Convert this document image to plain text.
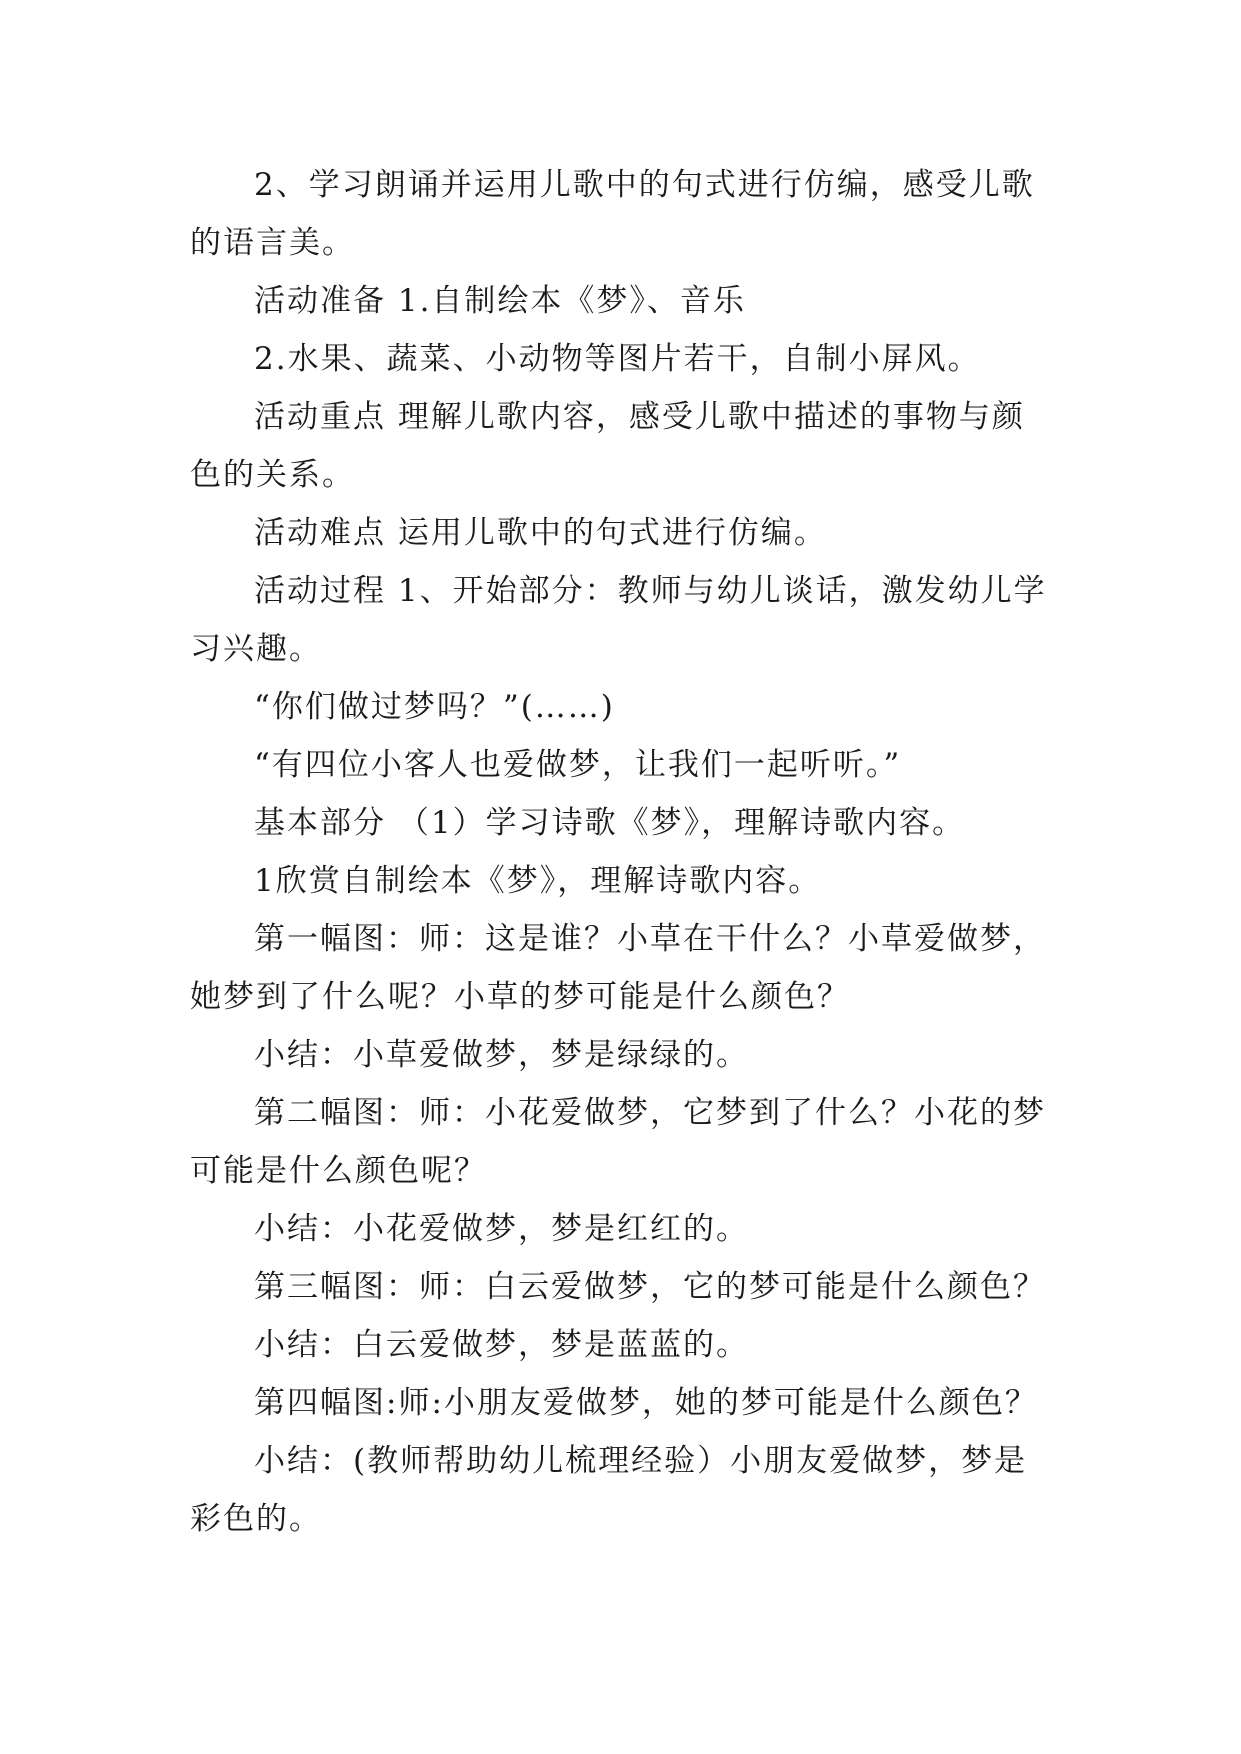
2、学习朗诵并运用儿歌中的句式进行仿编，感受儿歌的语言美。

活动准备 1.自制绘本《梦》、音乐

2.水果、蔬菜、小动物等图片若干，自制小屏风。

活动重点 理解儿歌内容，感受儿歌中描述的事物与颜色的关系。

活动难点 运用儿歌中的句式进行仿编。

活动过程 1、开始部分：教师与幼儿谈话，激发幼儿学习兴趣。

“你们做过梦吗？”(……)

“有四位小客人也爱做梦，让我们一起听听。”

基本部分 （1）学习诗歌《梦》，理解诗歌内容。

1欣赏自制绘本《梦》，理解诗歌内容。

第一幅图：师：这是谁？小草在干什么？小草爱做梦，她梦到了什么呢？小草的梦可能是什么颜色？

小结：小草爱做梦，梦是绿绿的。

第二幅图：师：小花爱做梦，它梦到了什么？小花的梦可能是什么颜色呢？

小结：小花爱做梦，梦是红红的。

第三幅图：师：白云爱做梦，它的梦可能是什么颜色？

小结：白云爱做梦，梦是蓝蓝的。

第四幅图:师:小朋友爱做梦，她的梦可能是什么颜色？

小结：(教师帮助幼儿梳理经验）小朋友爱做梦，梦是彩色的。
